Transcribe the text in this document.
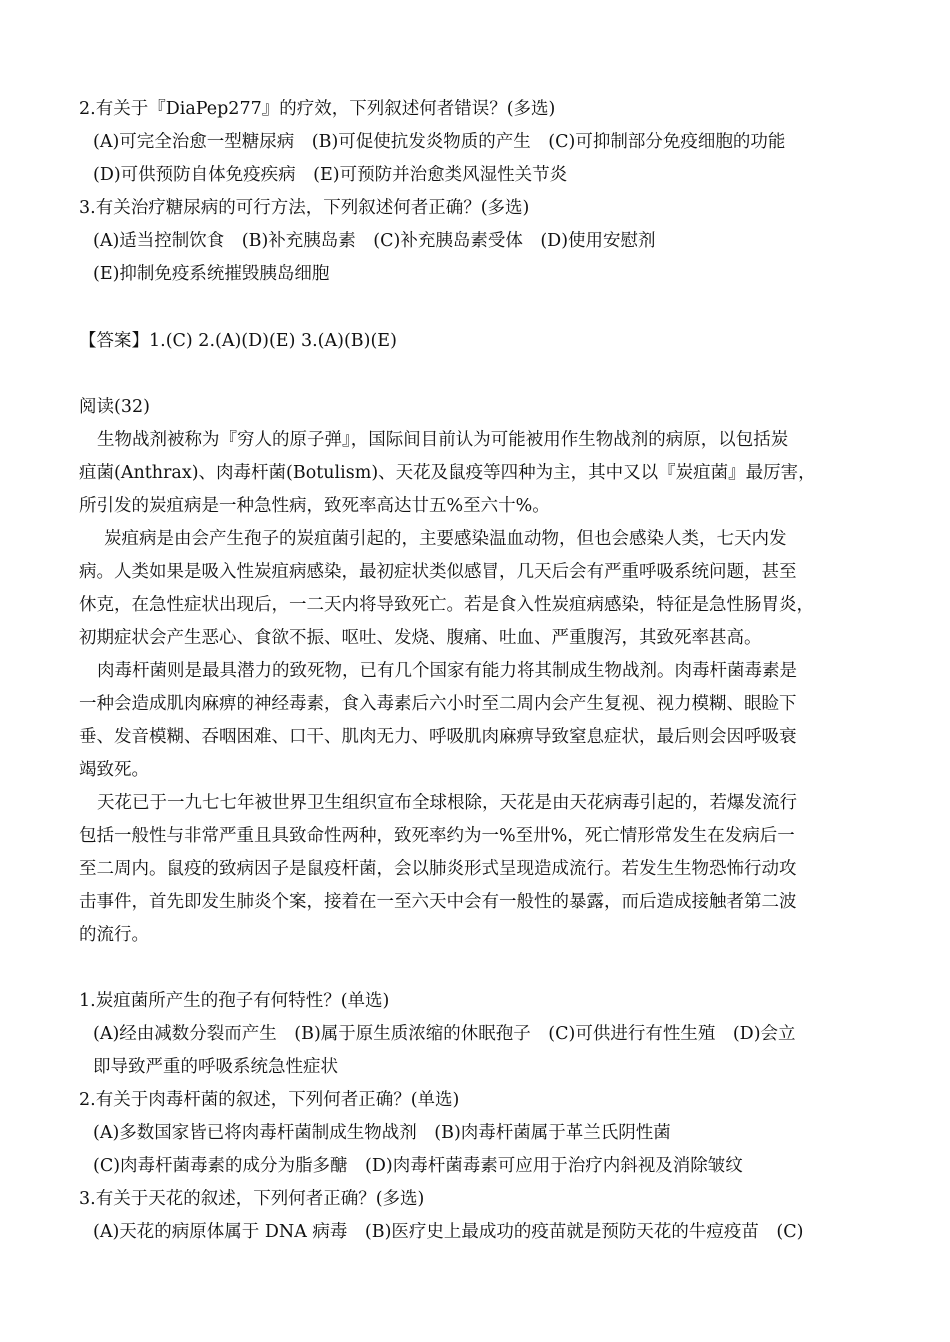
2.有关于『DiaPep277』的疗效，下列叙述何者错误？(多选)
(A)可完全治愈一型糖尿病　(B)可促使抗发炎物质的产生　(C)可抑制部分免疫细胞的功能
(D)可供预防自体免疫疾病　(E)可预防并治愈类风湿性关节炎
3.有关治疗糖尿病的可行方法，下列叙述何者正确？(多选)
(A)适当控制饮食　(B)补充胰岛素　(C)补充胰岛素受体　(D)使用安慰剂
(E)抑制免疫系统摧毁胰岛细胞
【答案】1.(C) 2.(A)(D)(E) 3.(A)(B)(E)
阅读(32)
生物战剂被称为『穷人的原子弹』，国际间目前认为可能被用作生物战剂的病原，以包括炭
疽菌(Anthrax)、肉毒杆菌(Botulism)、天花及鼠疫等四种为主，其中又以『炭疽菌』最厉害，
所引发的炭疽病是一种急性病，致死率高达廿五%至六十%。
炭疽病是由会产生孢子的炭疽菌引起的，主要感染温血动物，但也会感染人类，七天内发
病。人类如果是吸入性炭疽病感染，最初症状类似感冒，几天后会有严重呼吸系统问题，甚至
休克，在急性症状出现后，一二天内将导致死亡。若是食入性炭疽病感染，特征是急性肠胃炎，
初期症状会产生恶心、食欲不振、呕吐、发烧、腹痛、吐血、严重腹泻，其致死率甚高。
肉毒杆菌则是最具潜力的致死物，已有几个国家有能力将其制成生物战剂。肉毒杆菌毒素是
一种会造成肌肉麻痹的神经毒素，食入毒素后六小时至二周内会产生复视、视力模糊、眼睑下
垂、发音模糊、吞咽困难、口干、肌肉无力、呼吸肌肉麻痹导致窒息症状，最后则会因呼吸衰
竭致死。
天花已于一九七七年被世界卫生组织宣布全球根除，天花是由天花病毒引起的，若爆发流行
包括一般性与非常严重且具致命性两种，致死率约为一%至卅%，死亡情形常发生在发病后一
至二周内。鼠疫的致病因子是鼠疫杆菌，会以肺炎形式呈现造成流行。若发生生物恐怖行动攻
击事件，首先即发生肺炎个案，接着在一至六天中会有一般性的暴露，而后造成接触者第二波
的流行。
1.炭疽菌所产生的孢子有何特性？(单选)
(A)经由减数分裂而产生　(B)属于原生质浓缩的休眠孢子　(C)可供进行有性生殖　(D)会立
即导致严重的呼吸系统急性症状
2.有关于肉毒杆菌的叙述，下列何者正确？(单选)
(A)多数国家皆已将肉毒杆菌制成生物战剂　(B)肉毒杆菌属于革兰氏阴性菌
(C)肉毒杆菌毒素的成分为脂多醣　(D)肉毒杆菌毒素可应用于治疗内斜视及消除皱纹
3.有关于天花的叙述，下列何者正确？(多选)
(A)天花的病原体属于 DNA 病毒　(B)医疗史上最成功的疫苗就是预防天花的牛痘疫苗　(C)
